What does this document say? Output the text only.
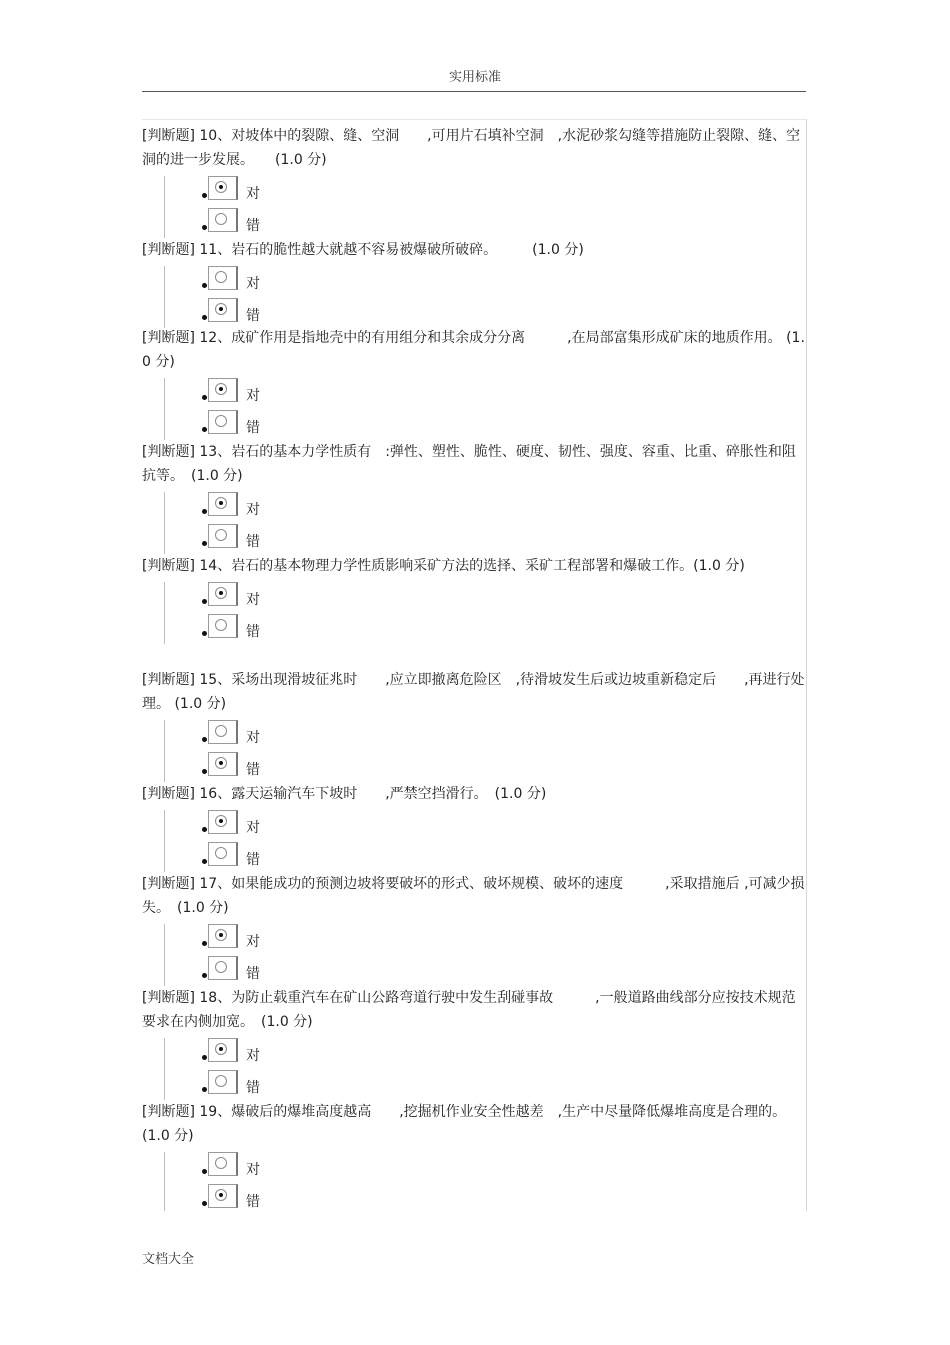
实用标准

[判断题] 10、对坡体中的裂隙、缝、空洞　　,可用片石填补空洞　,水泥砂浆勾缝等措施防止裂隙、缝、空洞的进一步发展。　　(1.0 分)

对
错

[判断题] 11、岩石的脆性越大就越不容易被爆破所破碎。　　　(1.0 分)

对
错

[判断题] 12、成矿作用是指地壳中的有用组分和其余成分分离　　　,在局部富集形成矿床的地质作用。 (1.0 分)

对
错

[判断题] 13、岩石的基本力学性质有　:弹性、塑性、脆性、硬度、韧性、强度、容重、比重、碎胀性和阻抗等。　(1.0 分)

对
错

[判断题] 14、岩石的基本物理力学性质影响采矿方法的选择、采矿工程部署和爆破工作。(1.0 分)

对
错

[判断题] 15、采场出现滑坡征兆时　　,应立即撤离危险区　,待滑坡发生后或边坡重新稳定后　　,再进行处理。 (1.0 分)

对
错

[判断题] 16、露天运输汽车下坡时　　,严禁空挡滑行。　(1.0 分)

对
错

[判断题] 17、如果能成功的预测边坡将要破坏的形式、破坏规模、破坏的速度　　　,采取措施后 ,可减少损失。　(1.0 分)

对
错

[判断题] 18、为防止载重汽车在矿山公路弯道行驶中发生刮碰事故　　　,一般道路曲线部分应按技术规范要求在内侧加宽。　(1.0 分)

对
错

[判断题] 19、爆破后的爆堆高度越高　　,挖掘机作业安全性越差　,生产中尽量降低爆堆高度是合理的。 (1.0 分)

对
错
文档大全
